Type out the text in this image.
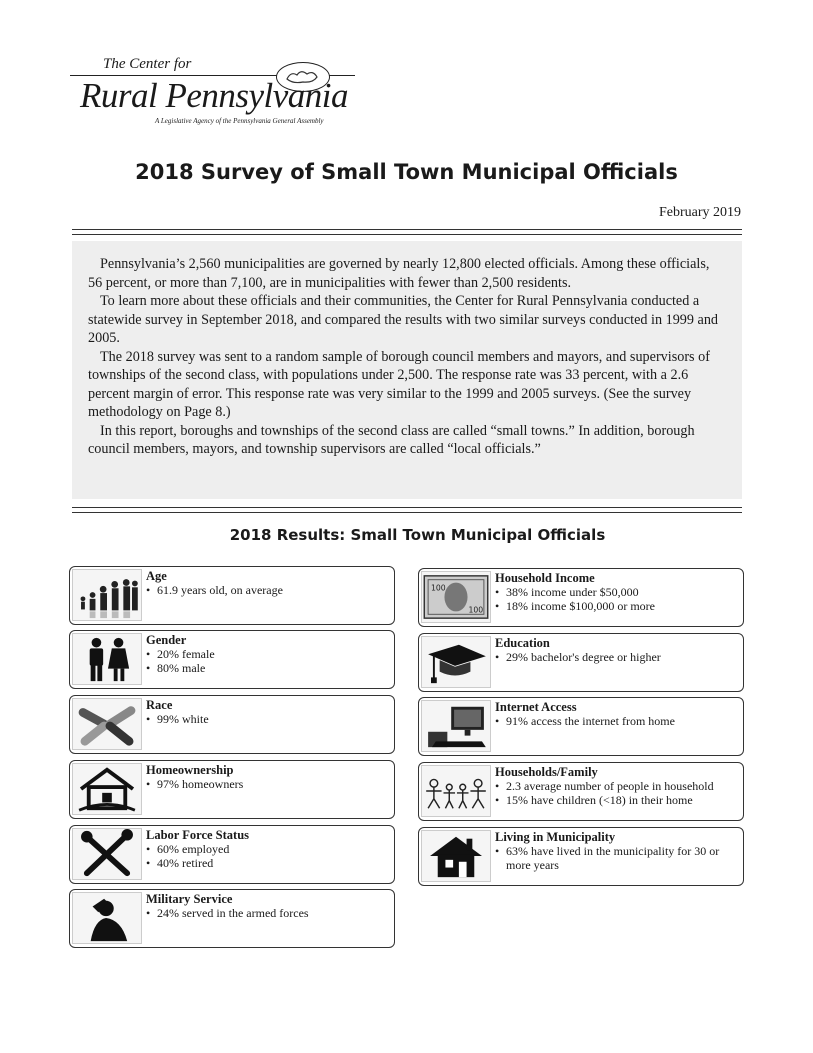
The Center for
Rural Pennsylvania
A Legislative Agency of the Pennsylvania General Assembly
2018 Survey of Small Town Municipal Officials
February 2019

Pennsylvania’s 2,560 municipalities are governed by nearly 12,800 elected officials. Among these officials, 56 percent, or more than 7,100, are in municipalities with fewer than 2,500 residents.

To learn more about these officials and their communities, the Center for Rural Pennsylvania conducted a statewide survey in September 2018, and compared the results with two similar surveys conducted in 1999 and 2005.

The 2018 survey was sent to a random sample of borough council members and mayors, and supervisors of townships of the second class, with populations under 2,500. The response rate was 33 percent, with a 2.6 percent margin of error. This response rate was very similar to the 1999 and 2005 surveys. (See the survey methodology on Page 8.)

In this report, boroughs and townships of the second class are called “small towns.” In addition, borough council members, mayors, and township supervisors are called “local officials.”

2018 Results: Small Town Municipal Officials
Age
• 61.9 years old, on average
Gender
• 20% female
• 80% male
Race
• 99% white
Homeownership
• 97% homeowners
Labor Force Status
• 60% employed
• 40% retired
Military Service
• 24% served in the armed forces
100
100
Household Income
• 38% income under $50,000
• 18% income $100,000 or more
Education
• 29% bachelor's degree or higher
Internet Access
• 91% access the internet from home
Households/Family
• 2.3 average number of people in household
• 15% have children (<18) in their home
Living in Municipality
• 63% have lived in the municipality for 30 or more years
